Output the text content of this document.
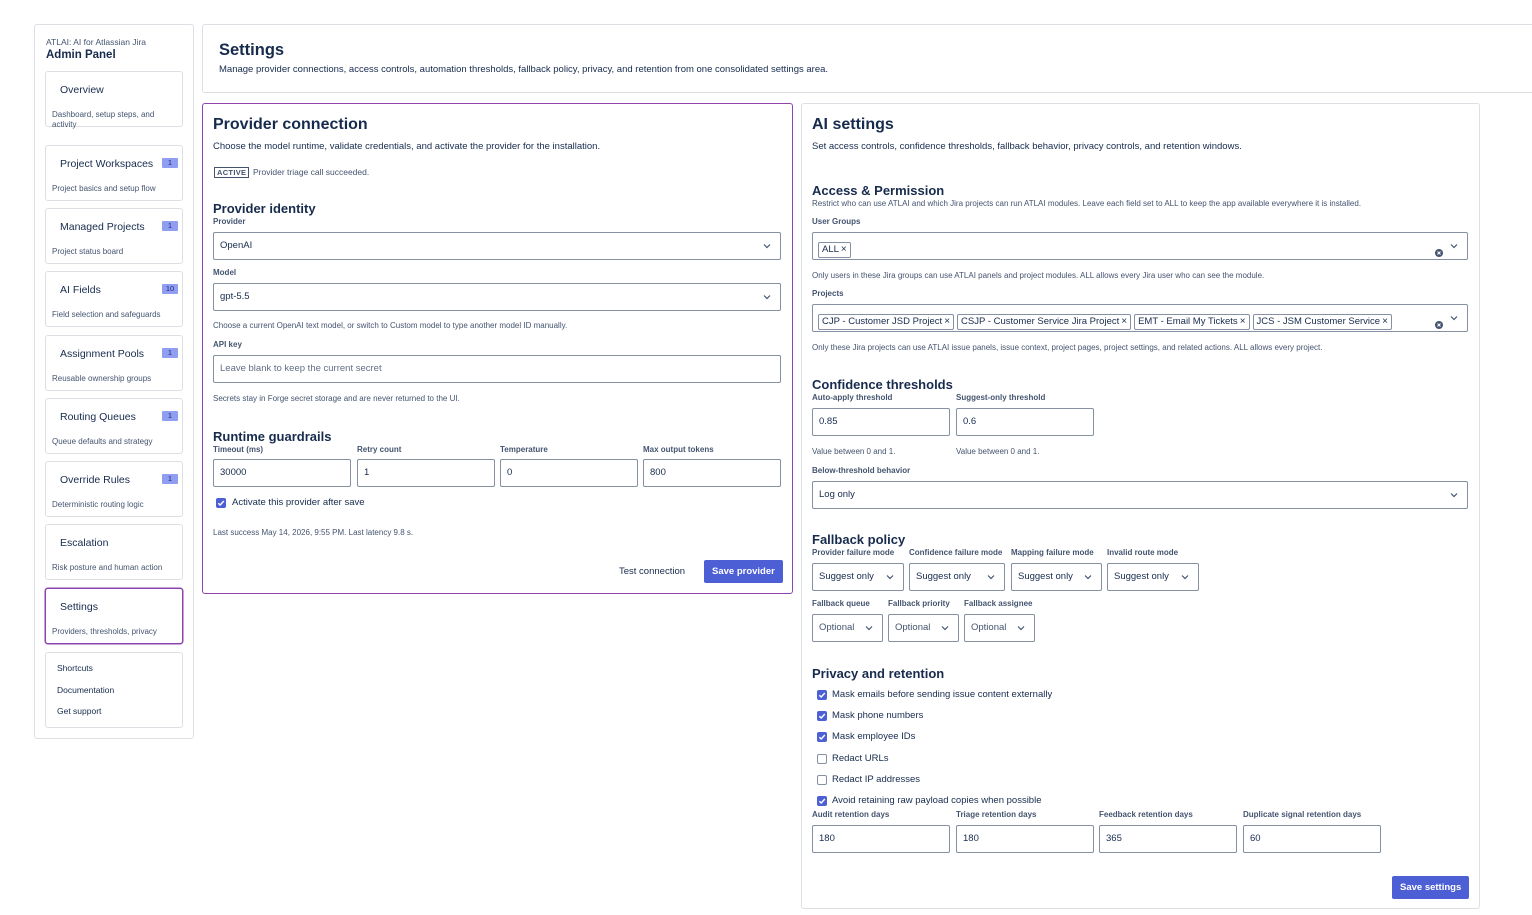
ATLAI: AI for Atlassian Jira
Admin Panel
Overview
Dashboard, setup steps, and activity
Project Workspaces	1
Project basics and setup flow
Managed Projects	1
Project status board
AI Fields	10
Field selection and safeguards
Assignment Pools	1
Reusable ownership groups
Routing Queues	1
Queue defaults and strategy
Override Rules	1
Deterministic routing logic
Escalation
Risk posture and human action
Settings
Providers, thresholds, privacy
Shortcuts
Documentation
Get support
Settings

Manage provider connections, access controls, automation thresholds, fallback policy, privacy, and retention from one consolidated settings area.

Provider connection
Choose the model runtime, validate credentials, and activate the provider for the installation.
ACTIVE Provider triage call succeeded.
Provider identity
Provider
OpenAI
Model
gpt-5.5
Choose a current OpenAI text model, or switch to Custom model to type another model ID manually.
API key
Leave blank to keep the current secret
Secrets stay in Forge secret storage and are never returned to the UI.
Runtime guardrails
Timeout (ms)	Retry count	Temperature	Max output tokens
30000	1	0	800
Activate this provider after save
Last success May 14, 2026, 9:55 PM. Last latency 9.8 s.
Test connection	Save provider
AI settings
Set access controls, confidence thresholds, fallback behavior, privacy controls, and retention windows.
Access & Permission
Restrict who can use ATLAI and which Jira projects can run ATLAI modules. Leave each field set to ALL to keep the app available everywhere it is installed.
User Groups
ALL ×
Only users in these Jira groups can use ATLAI panels and project modules. ALL allows every Jira user who can see the module.
Projects
CJP - Customer JSD Project × CSJP - Customer Service Jira Project × EMT - Email My Tickets × JCS - JSM Customer Service ×
Only these Jira projects can use ATLAI issue panels, issue context, project pages, project settings, and related actions. ALL allows every project.
Confidence thresholds
Auto-apply threshold	Suggest-only threshold
0.85	0.6
Value between 0 and 1.	Value between 0 and 1.
Below-threshold behavior
Log only
Fallback policy
Provider failure mode Confidence failure mode Mapping failure mode Invalid route mode
Suggest only	Suggest only	Suggest only	Suggest only
Fallback queue Fallback priority Fallback assignee
Optional	Optional	Optional
Privacy and retention
Mask emails before sending issue content externally
Mask phone numbers
Mask employee IDs
Redact URLs
Redact IP addresses
Avoid retaining raw payload copies when possible
Audit retention days	Triage retention days	Feedback retention days	Duplicate signal retention days
180	180	365	60
Save settings
